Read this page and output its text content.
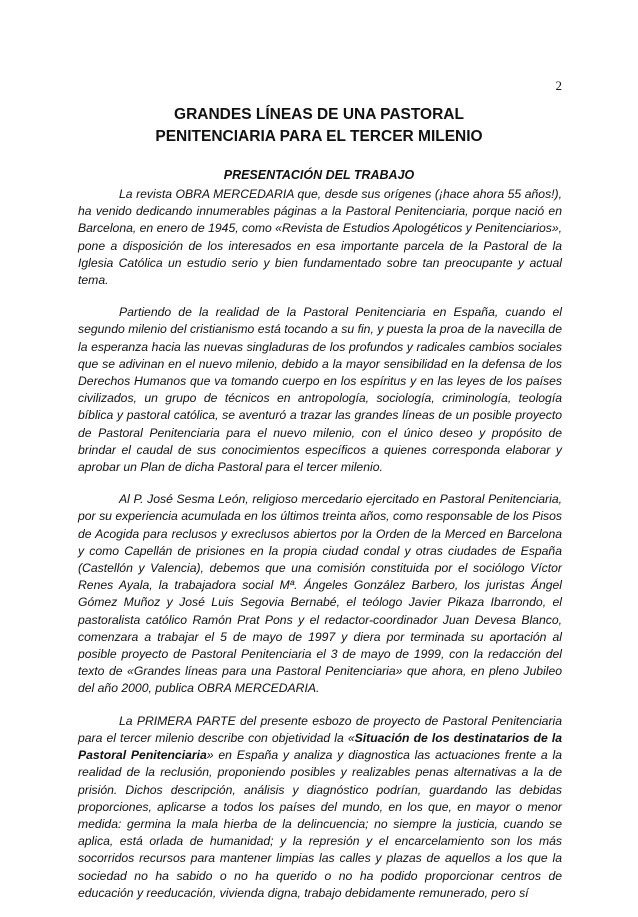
2
GRANDES LÍNEAS DE UNA PASTORAL
PENITENCIARIA PARA EL TERCER MILENIO
PRESENTACIÓN DEL TRABAJO

La revista OBRA MERCEDARIA que, desde sus orígenes (¡hace ahora 55 años!), ha venido dedicando innumerables páginas a la Pastoral Penitenciaria, porque nació en Barcelona, en enero de 1945, como «Revista de Estudios Apologéticos y Penitenciarios», pone a disposición de los interesados en esa importante parcela de la Pastoral de la Iglesia Católica un estudio serio y bien fundamentado sobre tan preocupante y actual tema.

Partiendo de la realidad de la Pastoral Penitenciaria en España, cuando el segundo milenio del cristianismo está tocando a su fin, y puesta la proa de la navecilla de la esperanza hacia las nuevas singladuras de los profundos y radicales cambios sociales que se adivinan en el nuevo milenio, debido a la mayor sensibilidad en la defensa de los Derechos Humanos que va tomando cuerpo en los espíritus y en las leyes de los países civilizados, un grupo de técnicos en antropología, sociología, criminología, teología bíblica y pastoral católica, se aventuró a trazar las grandes líneas de un posible proyecto de Pastoral Penitenciaria para el nuevo milenio, con el único deseo y propósito de brindar el caudal de sus conocimientos específicos a quienes corresponda elaborar y aprobar un Plan de dicha Pastoral para el tercer milenio.

Al P. José Sesma León, religioso mercedario ejercitado en Pastoral Penitenciaria, por su experiencia acumulada en los últimos treinta años, como responsable de los Pisos de Acogida para reclusos y exreclusos abiertos por la Orden de la Merced en Barcelona y como Capellán de prisiones en la propia ciudad condal y otras ciudades de España (Castellón y Valencia), debemos que una comisión constituida por el sociólogo Víctor Renes Ayala, la trabajadora social Mª. Ángeles González Barbero, los juristas Ángel Gómez Muñoz y José Luis Segovia Bernabé, el teólogo Javier Pikaza Ibarrondo, el pastoralista católico Ramón Prat Pons y el redactor-coordinador Juan Devesa Blanco, comenzara a trabajar el 5 de mayo de 1997 y diera por terminada su aportación al posible proyecto de Pastoral Penitenciaria el 3 de mayo de 1999, con la redacción del texto de «Grandes líneas para una Pastoral Penitenciaria» que ahora, en pleno Jubileo del año 2000, publica OBRA MERCEDARIA.

La PRIMERA PARTE del presente esbozo de proyecto de Pastoral Penitenciaria para el tercer milenio describe con objetividad la «Situación de los destinatarios de la Pastoral Penitenciaria» en España y analiza y diagnostica las actuaciones frente a la realidad de la reclusión, proponiendo posibles y realizables penas alternativas a la de prisión. Dichos descripción, análisis y diagnóstico podrían, guardando las debidas proporciones, aplicarse a todos los países del mundo, en los que, en mayor o menor medida: germina la mala hierba de la delincuencia; no siempre la justicia, cuando se aplica, está orlada de humanidad; y la represión y el encarcelamiento son los más socorridos recursos para mantener limpias las calles y plazas de aquellos a los que la sociedad no ha sabido o no ha querido o no ha podido proporcionar centros de educación y reeducación, vivienda digna, trabajo debidamente remunerado, pero sí
